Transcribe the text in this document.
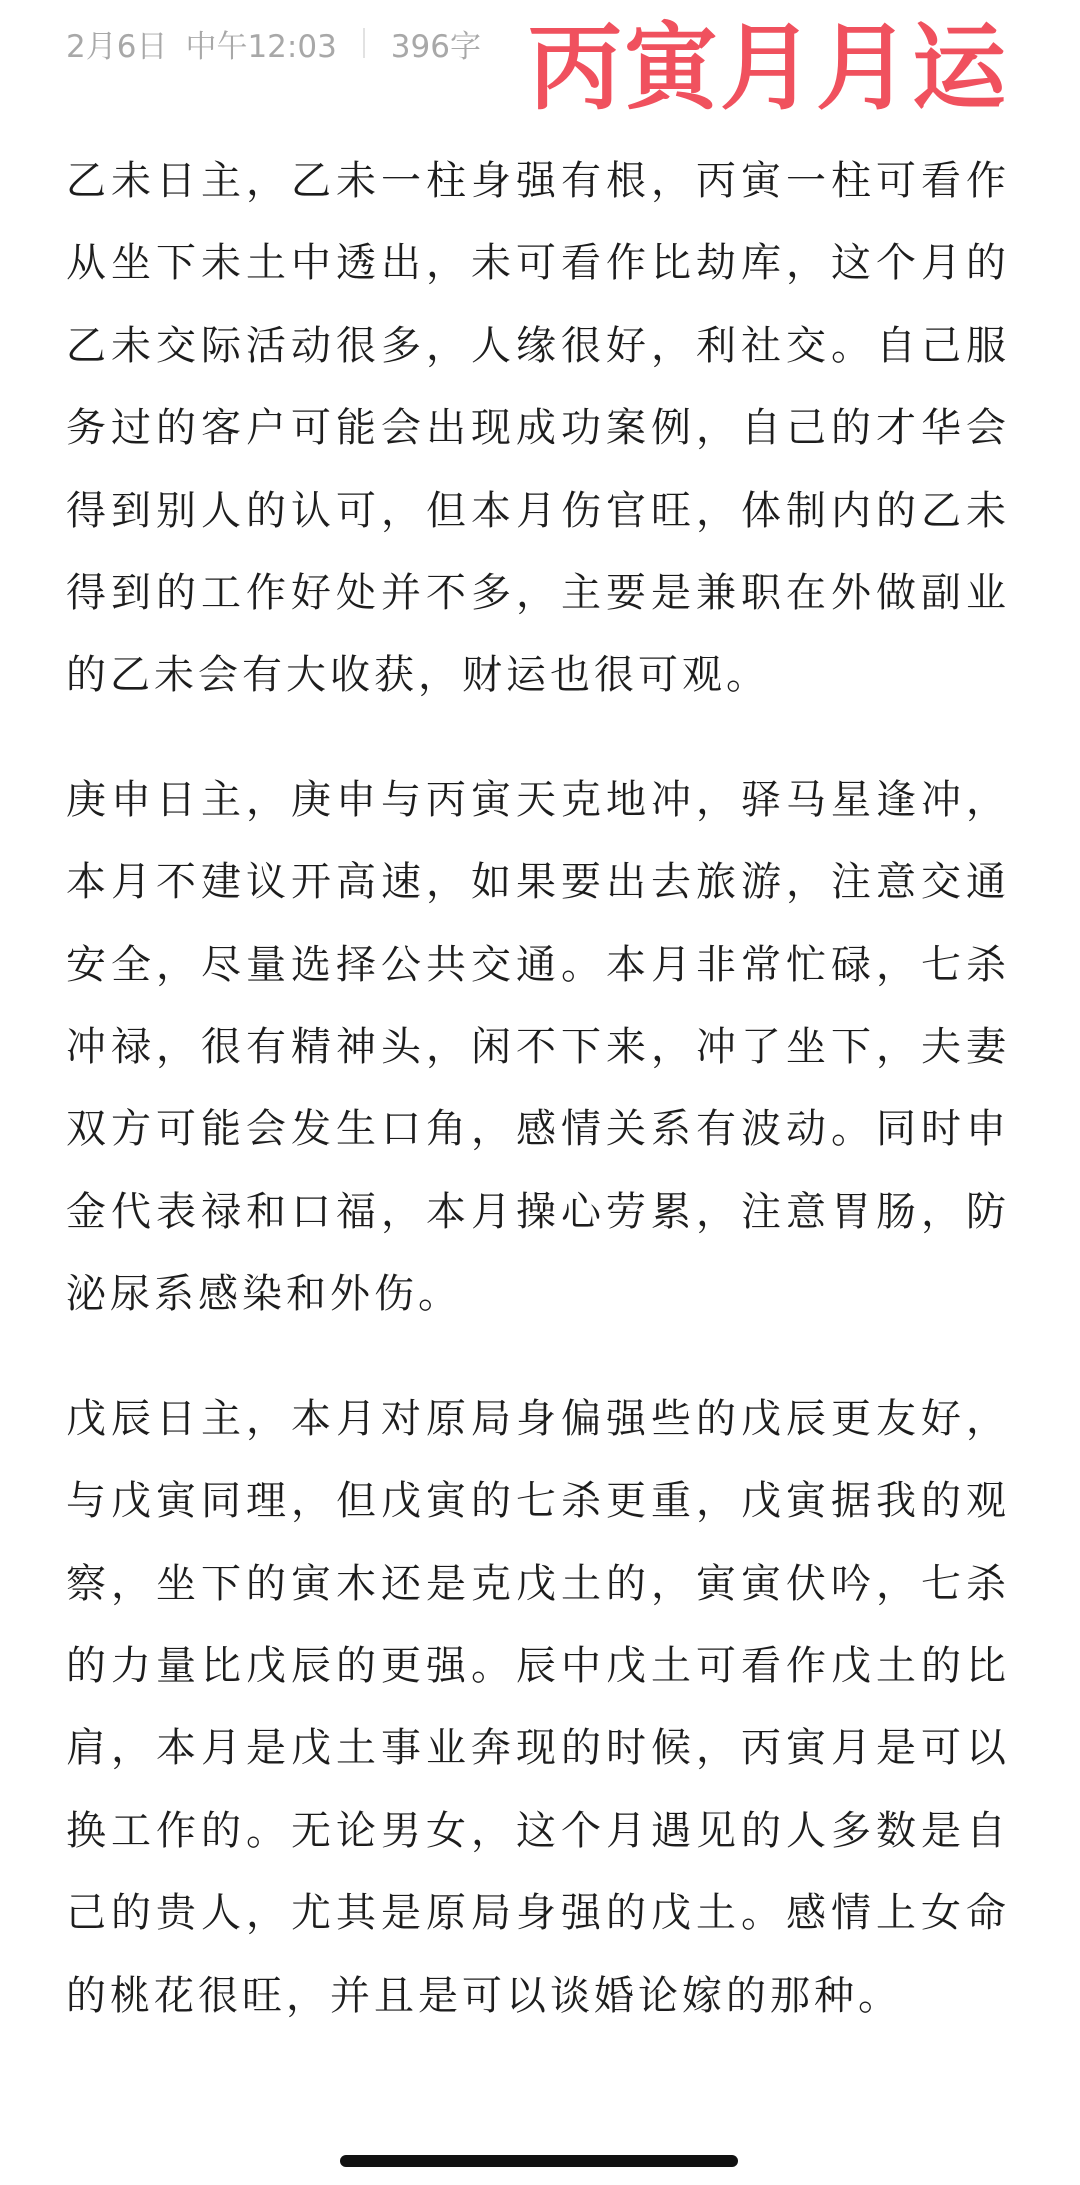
2月6日 中午12:03 396字 丙寅月月运

乙未日主，乙未一柱身强有根，丙寅一柱可看作从坐下未土中透出，未可看作比劫库，这个月的乙未交际活动很多，人缘很好，利社交。自己服务过的客户可能会出现成功案例，自己的才华会得到别人的认可，但本月伤官旺，体制内的乙未得到的工作好处并不多，主要是兼职在外做副业的乙未会有大收获，财运也很可观。

庚申日主，庚申与丙寅天克地冲，驿马星逢冲，本月不建议开高速，如果要出去旅游，注意交通安全，尽量选择公共交通。本月非常忙碌，七杀冲禄，很有精神头，闲不下来，冲了坐下，夫妻双方可能会发生口角，感情关系有波动。同时申金代表禄和口福，本月操心劳累，注意胃肠，防泌尿系感染和外伤。

戊辰日主，本月对原局身偏强些的戊辰更友好，与戊寅同理，但戊寅的七杀更重，戊寅据我的观察，坐下的寅木还是克戊土的，寅寅伏吟，七杀的力量比戊辰的更强。辰中戊土可看作戊土的比肩，本月是戊土事业奔现的时候，丙寅月是可以换工作的。无论男女，这个月遇见的人多数是自己的贵人，尤其是原局身强的戊土。感情上女命的桃花很旺，并且是可以谈婚论嫁的那种。
